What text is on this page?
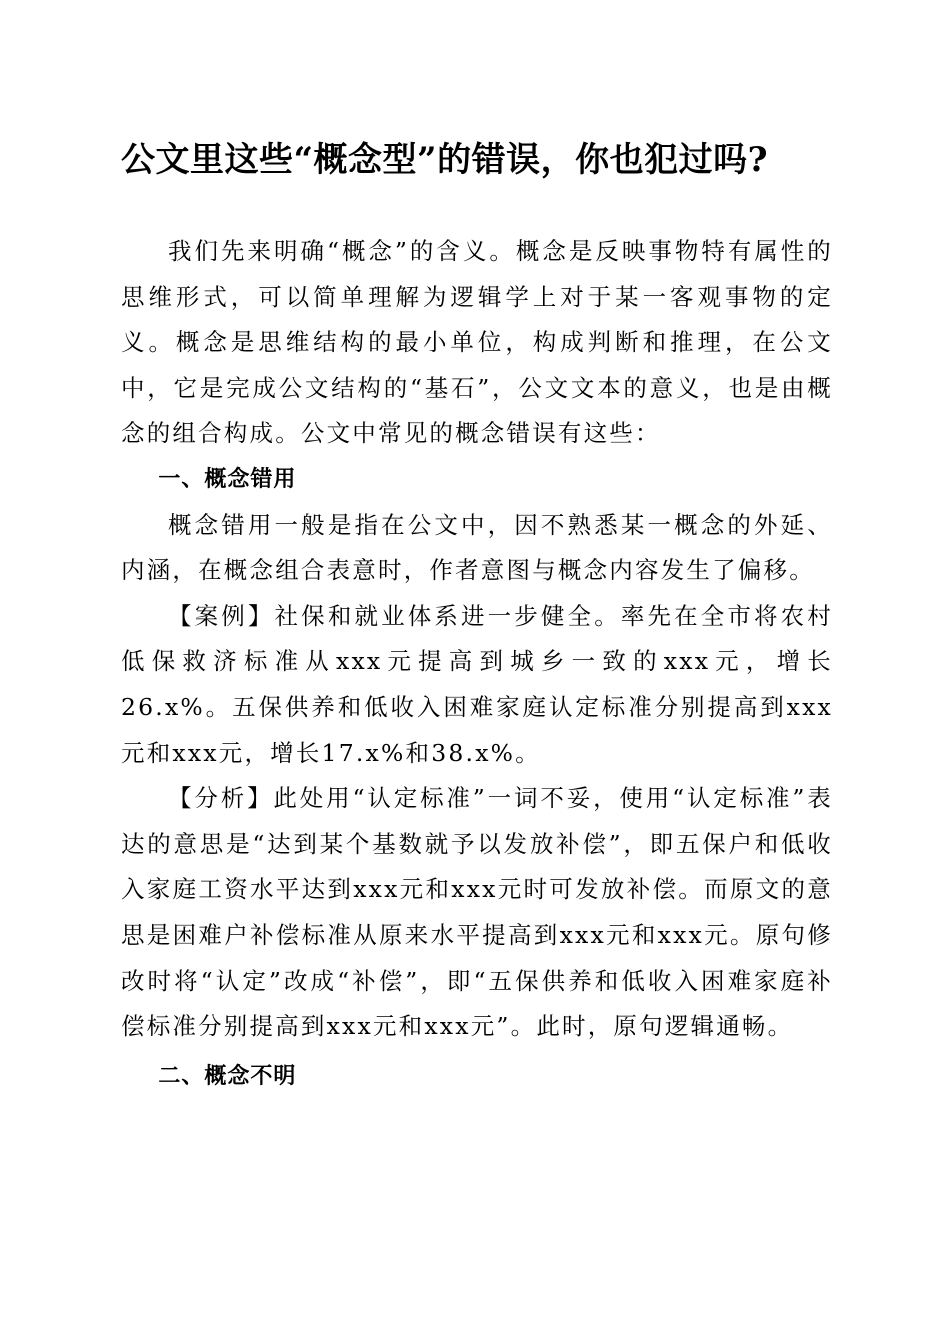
公文里这些“概念型”的错误，你也犯过吗?

我们先来明确“概念”的含义。概念是反映事物特有属性的思维形式，可以简单理解为逻辑学上对于某一客观事物的定义。概念是思维结构的最小单位，构成判断和推理，在公文中，它是完成公文结构的“基石”，公文文本的意义，也是由概念的组合构成。公文中常见的概念错误有这些：

一、概念错用

概念错用一般是指在公文中，因不熟悉某一概念的外延、内涵，在概念组合表意时，作者意图与概念内容发生了偏移。

【案例】社保和就业体系进一步健全。率先在全市将农村低保救济标准从xxx元提高到城乡一致的xxx元，增长26.x%。五保供养和低收入困难家庭认定标准分别提高到xxx元和xxx元，增长17.x%和38.x%。

【分析】此处用“认定标准”一词不妥，使用“认定标准”表达的意思是“达到某个基数就予以发放补偿”，即五保户和低收入家庭工资水平达到xxx元和xxx元时可发放补偿。而原文的意思是困难户补偿标准从原来水平提高到xxx元和xxx元。原句修改时将“认定”改成“补偿”，即“五保供养和低收入困难家庭补偿标准分别提高到xxx元和xxx元”。此时，原句逻辑通畅。

二、概念不明
